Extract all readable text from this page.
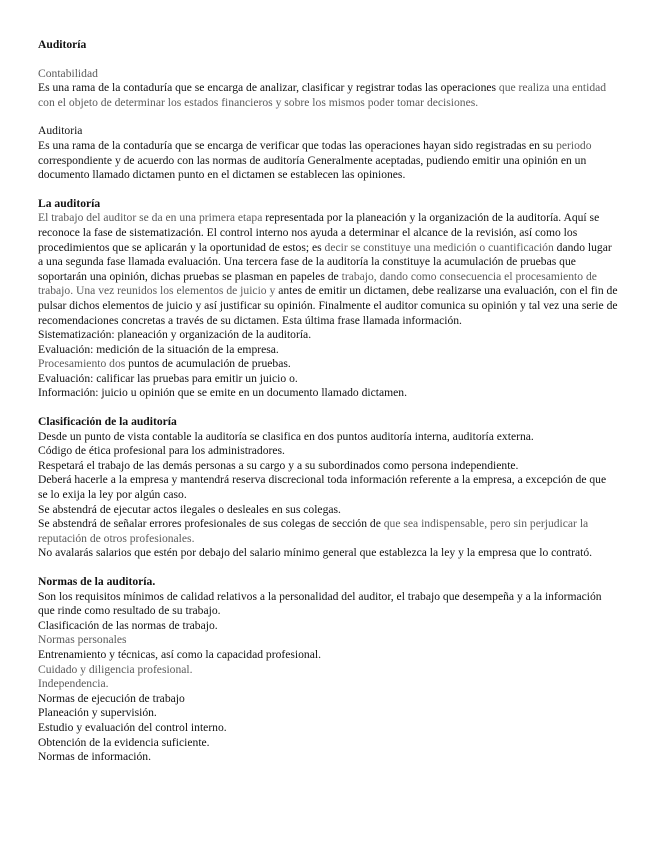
Auditoría

Contabilidad

Es una rama de la contaduría que se encarga de analizar, clasificar y registrar todas las operaciones que realiza una entidad con el objeto de determinar los estados financieros y sobre los mismos poder tomar decisiones.

Auditoria

Es una rama de la contaduría que se encarga de verificar que todas las operaciones hayan sido registradas en su periodo correspondiente y de acuerdo con las normas de auditoría Generalmente aceptadas, pudiendo emitir una opinión en un documento llamado dictamen punto en el dictamen se establecen las opiniones.

La auditoría

El trabajo del auditor se da en una primera etapa representada por la planeación y la organización de la auditoría. Aquí se reconoce la fase de sistematización. El control interno nos ayuda a determinar el alcance de la revisión, así como los procedimientos que se aplicarán y la oportunidad de estos; es decir se constituye una medición o cuantificación dando lugar a una segunda fase llamada evaluación. Una tercera fase de la auditoría la constituye la acumulación de pruebas que soportarán una opinión, dichas pruebas se plasman en papeles de trabajo, dando como consecuencia el procesamiento de trabajo. Una vez reunidos los elementos de juicio y antes de emitir un dictamen, debe realizarse una evaluación, con el fin de pulsar dichos elementos de juicio y así justificar su opinión. Finalmente el auditor comunica su opinión y tal vez una serie de recomendaciones concretas a través de su dictamen. Esta última frase llamada información.

Sistematización: planeación y organización de la auditoría.

Evaluación: medición de la situación de la empresa.

Procesamiento dos puntos de acumulación de pruebas.

Evaluación: calificar las pruebas para emitir un juicio o.

Información: juicio u opinión que se emite en un documento llamado dictamen.

Clasificación de la auditoría

Desde un punto de vista contable la auditoría se clasifica en dos puntos auditoría interna, auditoría externa.

Código de ética profesional para los administradores.

Respetará el trabajo de las demás personas a su cargo y a su subordinados como persona independiente.

Deberá hacerle a la empresa y mantendrá reserva discrecional toda información referente a la empresa, a excepción de que se lo exija la ley por algún caso.

Se abstendrá de ejecutar actos ilegales o desleales en sus colegas.

Se abstendrá de señalar errores profesionales de sus colegas de sección de que sea indispensable, pero sin perjudicar la reputación de otros profesionales.

No avalarás salarios que estén por debajo del salario mínimo general que establezca la ley y la empresa que lo contrató.

Normas de la auditoría.

Son los requisitos mínimos de calidad relativos a la personalidad del auditor, el trabajo que desempeña y a la información que rinde como resultado de su trabajo.

Clasificación de las normas de trabajo.

Normas personales

Entrenamiento y técnicas, así como la capacidad profesional.

Cuidado y diligencia profesional.

Independencia.

Normas de ejecución de trabajo

Planeación y supervisión.

Estudio y evaluación del control interno.

Obtención de la evidencia suficiente.

Normas de información.
